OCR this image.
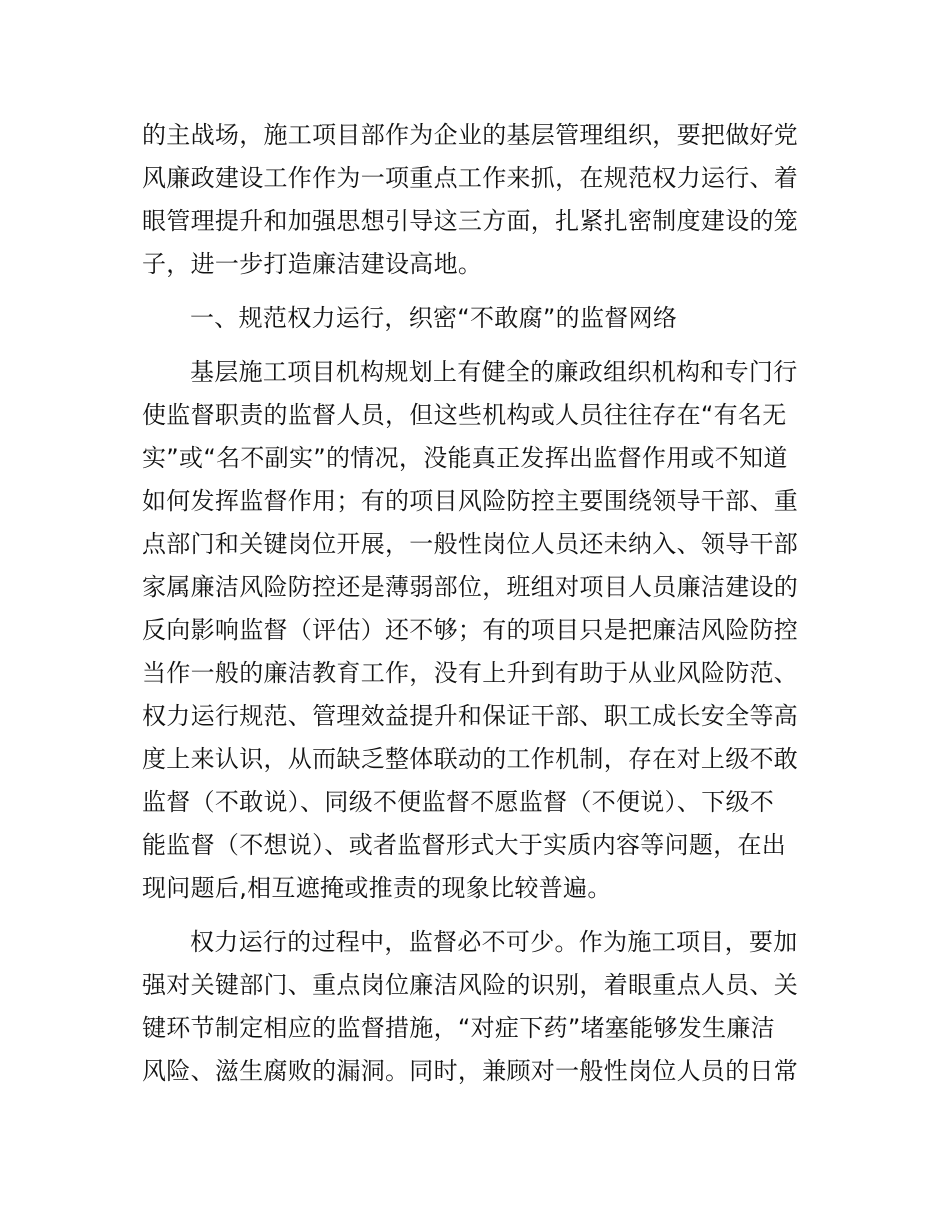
的主战场，施工项目部作为企业的基层管理组织，要把做好党
风廉政建设工作作为一项重点工作来抓，在规范权力运行、着
眼管理提升和加强思想引导这三方面，扎紧扎密制度建设的笼
子，进一步打造廉洁建设高地。
一、规范权力运行，织密“不敢腐”的监督网络
基层施工项目机构规划上有健全的廉政组织机构和专门行
使监督职责的监督人员，但这些机构或人员往往存在“有名无
实”或“名不副实”的情况，没能真正发挥出监督作用或不知道
如何发挥监督作用；有的项目风险防控主要围绕领导干部、重
点部门和关键岗位开展，一般性岗位人员还未纳入、领导干部
家属廉洁风险防控还是薄弱部位，班组对项目人员廉洁建设的
反向影响监督（评估）还不够；有的项目只是把廉洁风险防控
当作一般的廉洁教育工作，没有上升到有助于从业风险防范、
权力运行规范、管理效益提升和保证干部、职工成长安全等高
度上来认识，从而缺乏整体联动的工作机制，存在对上级不敢
监督（不敢说）、同级不便监督不愿监督（不便说）、下级不
能监督（不想说）、或者监督形式大于实质内容等问题，在出
现问题后,相互遮掩或推责的现象比较普遍。
权力运行的过程中，监督必不可少。作为施工项目，要加
强对关键部门、重点岗位廉洁风险的识别，着眼重点人员、关
键环节制定相应的监督措施，“对症下药”堵塞能够发生廉洁
风险、滋生腐败的漏洞。同时，兼顾对一般性岗位人员的日常
